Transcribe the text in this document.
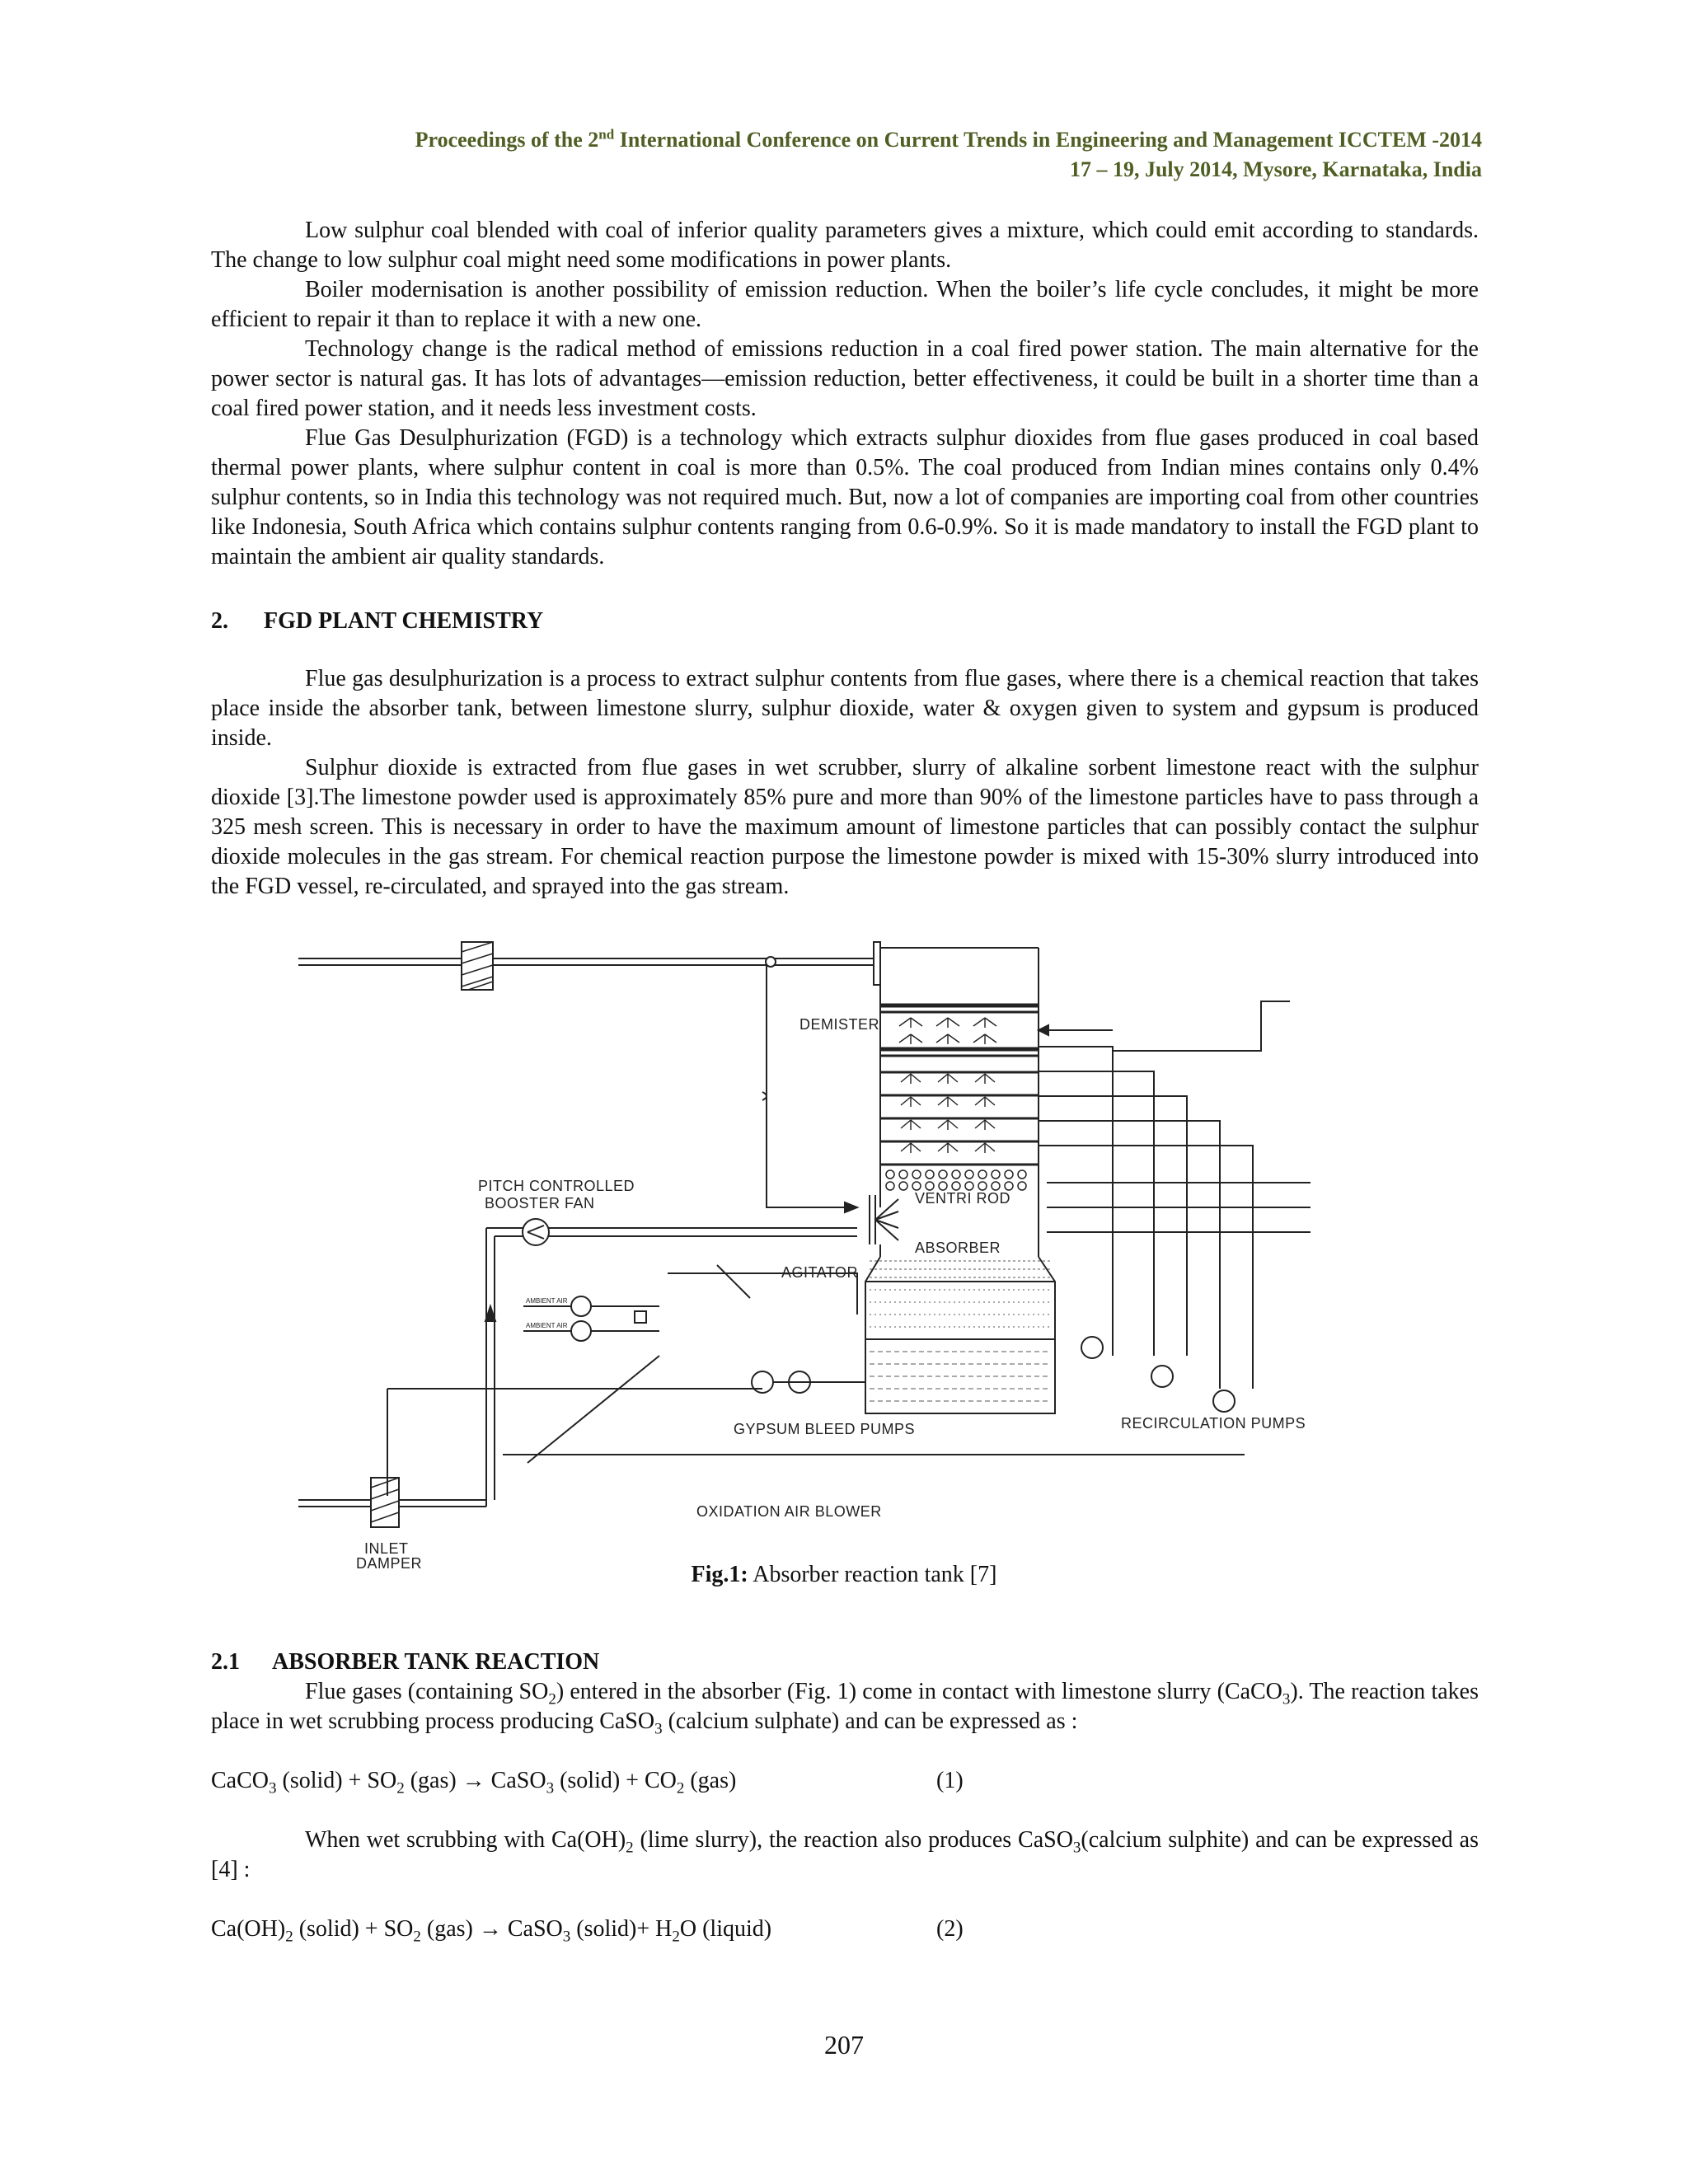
Proceedings of the 2nd International Conference on Current Trends in Engineering and Management ICCTEM -2014
17 – 19, July 2014, Mysore, Karnataka, India

Low sulphur coal blended with coal of inferior quality parameters gives a mixture, which could emit according to standards. The change to low sulphur coal might need some modifications in power plants.

Boiler modernisation is another possibility of emission reduction. When the boiler’s life cycle concludes, it might be more efficient to repair it than to replace it with a new one.

Technology change is the radical method of emissions reduction in a coal fired power station. The main alternative for the power sector is natural gas. It has lots of advantages—emission reduction, better effectiveness, it could be built in a shorter time than a coal fired power station, and it needs less investment costs.

Flue Gas Desulphurization (FGD) is a technology which extracts sulphur dioxides from flue gases produced in coal based thermal power plants, where sulphur content in coal is more than 0.5%. The coal produced from Indian mines contains only 0.4% sulphur contents, so in India this technology was not required much. But, now a lot of companies are importing coal from other countries like Indonesia, South Africa which contains sulphur contents ranging from 0.6-0.9%. So it is made mandatory to install the FGD plant to maintain the ambient air quality standards.

2. FGD PLANT CHEMISTRY

Flue gas desulphurization is a process to extract sulphur contents from flue gases, where there is a chemical reaction that takes place inside the absorber tank, between limestone slurry, sulphur dioxide, water & oxygen given to system and gypsum is produced inside.

Sulphur dioxide is extracted from flue gases in wet scrubber, slurry of alkaline sorbent limestone react with the sulphur dioxide [3].The limestone powder used is approximately 85% pure and more than 90% of the limestone particles have to pass through a 325 mesh screen. This is necessary in order to have the maximum amount of limestone particles that can possibly contact the sulphur dioxide molecules in the gas stream. For chemical reaction purpose the limestone powder is mixed with 15-30% slurry introduced into the FGD vessel, re-circulated, and sprayed into the gas stream.

DEMISTER
PITCH CONTROLLED
BOOSTER FAN	VENTRI ROD
ABSORBER
AGITATOR
AMBIENT AIR
AMBIENT AIR
GYPSUM BLEED PUMPS	RECIRCULATION PUMPS
OXIDATION AIR BLOWER
INLET
DAMPER	Fig.1: Absorber reaction tank [7]

2.1 ABSORBER TANK REACTION

Flue gases (containing $SO_2$) entered in the absorber (Fig. 1) come in contact with limestone slurry (CaCO$_3$). The reaction takes place in wet scrubbing process producing CaSO$_3$ (calcium sulphate) and can be expressed as :

CaCO$_3$ (solid) + $SO_2$ (gas) → CaSO$_3$ (solid) + $CO_2$ (gas)	(1)

When wet scrubbing with $Ca(OH)_2$ (lime slurry), the reaction also produces CaSO$_3$(calcium sulphite) and can be expressed as [4] :

$Ca(OH)_2$ (solid) + $SO_2$ (gas) → CaSO$_3$ (solid)+ $H_2O$ (liquid)	(2)

207
